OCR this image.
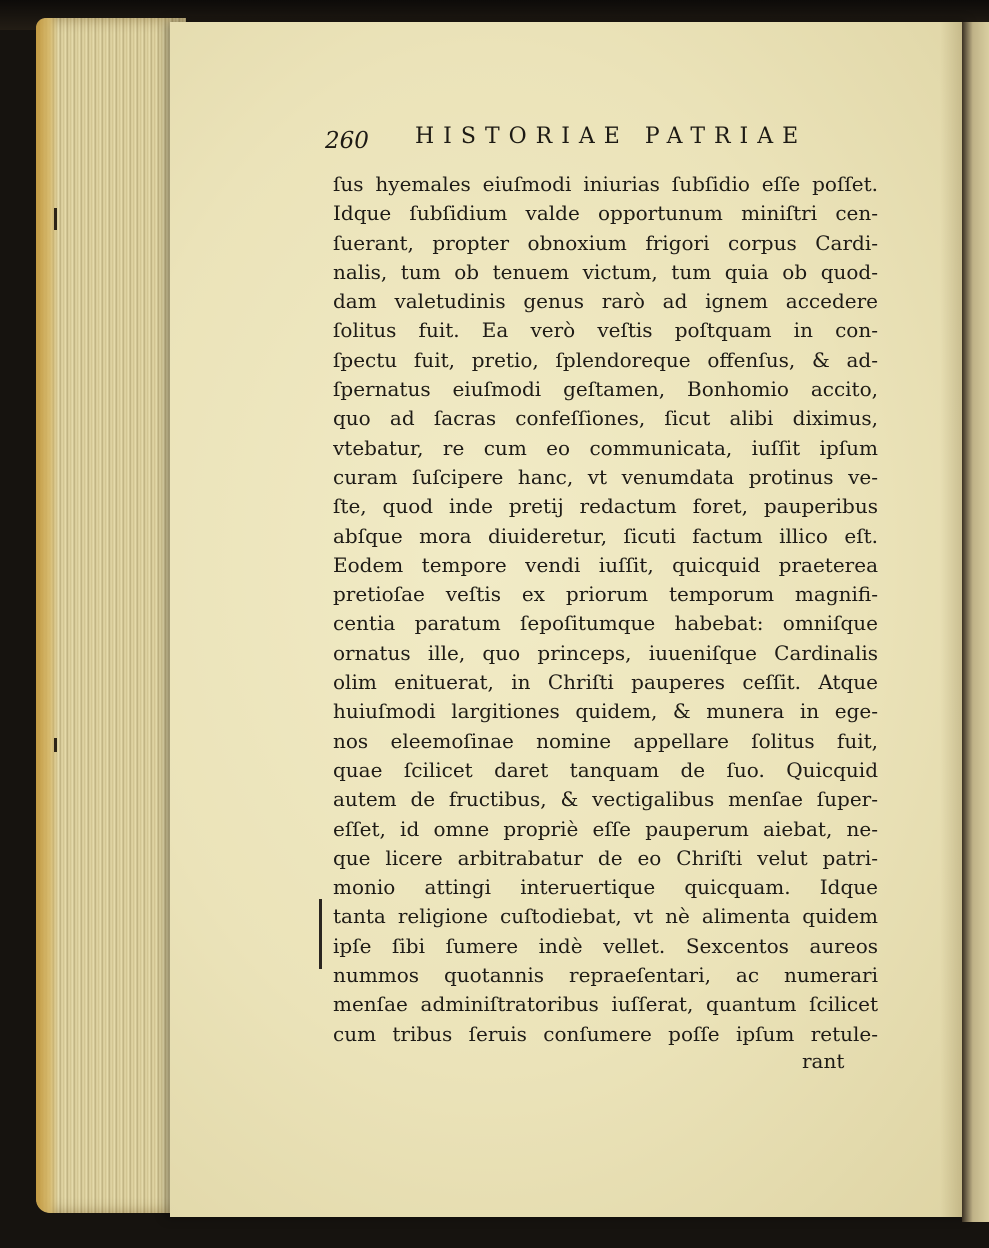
260 HISTORIAE PATRIAE
ſus hyemales eiuſmodi iniurias ſubſidio eſſe poſſet.
Idque ſubſidium valde opportunum miniſtri cen-
ſuerant, propter obnoxium frigori corpus Cardi-
nalis, tum ob tenuem victum, tum quia ob quod-
dam valetudinis genus rarò ad ignem accedere
ſolitus fuit. Ea verò veſtis poſtquam in con-
ſpectu fuit, pretio, ſplendoreque offenſus, & ad-
ſpernatus eiuſmodi geſtamen, Bonhomio accito,
quo ad ſacras confeſſiones, ſicut alibi diximus,
vtebatur, re cum eo communicata, iuſſit ipſum
curam ſuſcipere hanc, vt venumdata protinus ve-
ſte, quod inde pretij redactum foret, pauperibus
abſque mora diuideretur, ſicuti factum illico eſt.
Eodem tempore vendi iuſſit, quicquid praeterea
pretioſae veſtis ex priorum temporum magnifi-
centia paratum ſepoſitumque habebat: omniſque
ornatus ille, quo princeps, iuueniſque Cardinalis
olim enituerat, in Chriſti pauperes ceſſit. Atque
huiuſmodi largitiones quidem, & munera in ege-
nos eleemoſinae nomine appellare ſolitus fuit,
quae ſcilicet daret tanquam de ſuo. Quicquid
autem de fructibus, & vectigalibus menſae ſuper-
eſſet, id omne propriè eſſe pauperum aiebat, ne-
que licere arbitrabatur de eo Chriſti velut patri-
monio attingi interuertique quicquam. Idque
tanta religione cuſtodiebat, vt nè alimenta quidem
ipſe ſibi ſumere indè vellet. Sexcentos aureos
nummos quotannis repraeſentari, ac numerari
menſae adminiſtratoribus iuſſerat, quantum ſcilicet
cum tribus ſeruis conſumere poſſe ipſum retule-
rant
